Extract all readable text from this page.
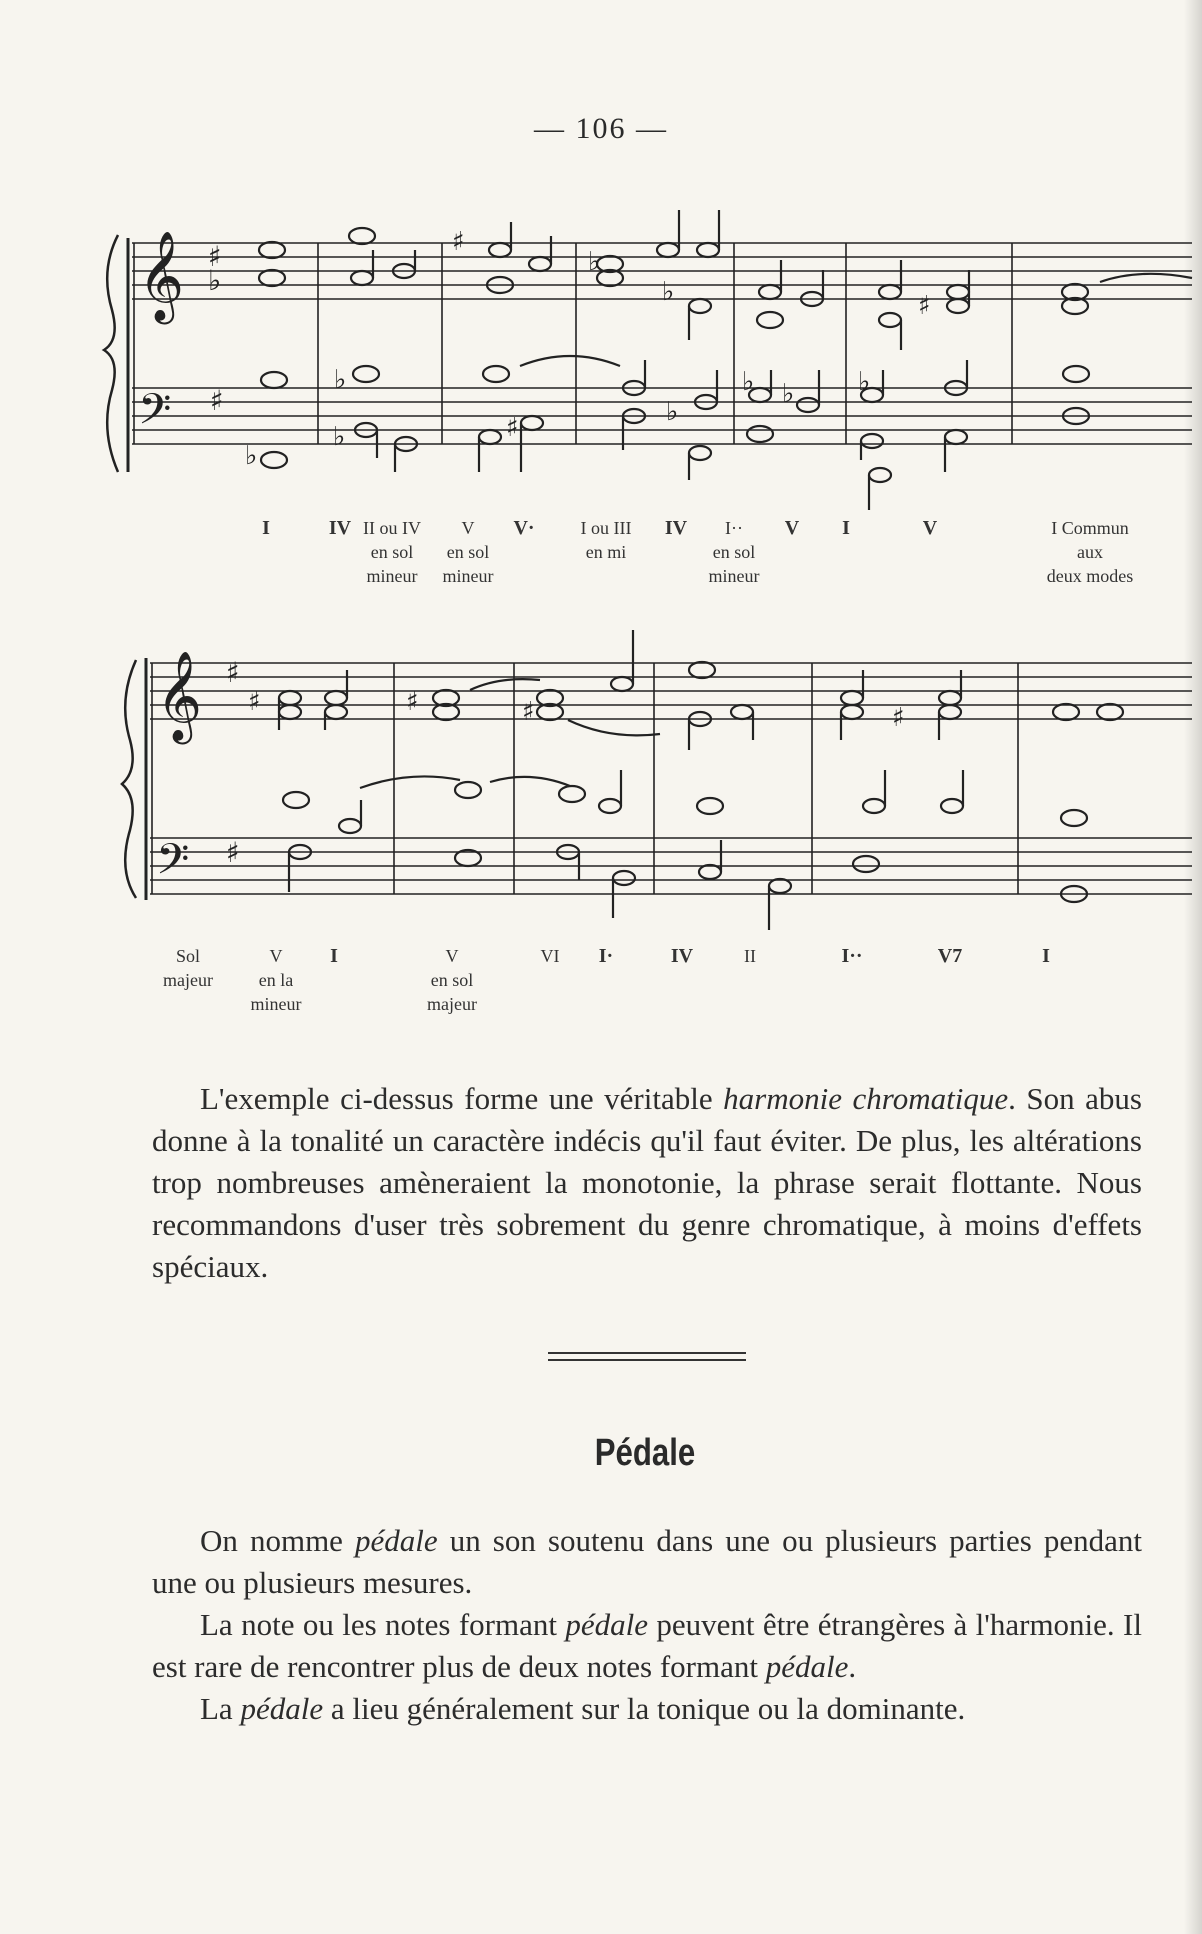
— 106 —
𝄞
𝄢
♯
♭
♯
♭
♭
♭
♯
♯
♭
♭
♭
♭ ♭
♯
♭
I	IV II ou IV
en sol
mineur
V
en sol
mineur
V·	I ou III
en mi
IV	I··
en sol
mineur
V I	V	I Commun
aux
deux modes
𝄞
𝄢
♯
♯
♯	♯	♯	♯
Sol
majeur
V
en la
mineur
I	V
en sol
majeur
VI I·	IV	II	I··	V7	I

L'exemple ci-dessus forme une véritable harmonie chromatique. Son abus donne à la tonalité un caractère indécis qu'il faut éviter. De plus, les altérations trop nombreuses amèneraient la monotonie, la phrase serait flottante. Nous recommandons d'user très sobrement du genre chromatique, à moins d'effets spéciaux.

Pédale

On nomme pédale un son soutenu dans une ou plusieurs parties pendant une ou plusieurs mesures.

La note ou les notes formant pédale peuvent être étrangères à l'harmonie. Il est rare de rencontrer plus de deux notes formant pédale.

La pédale a lieu généralement sur la tonique ou la dominante.
